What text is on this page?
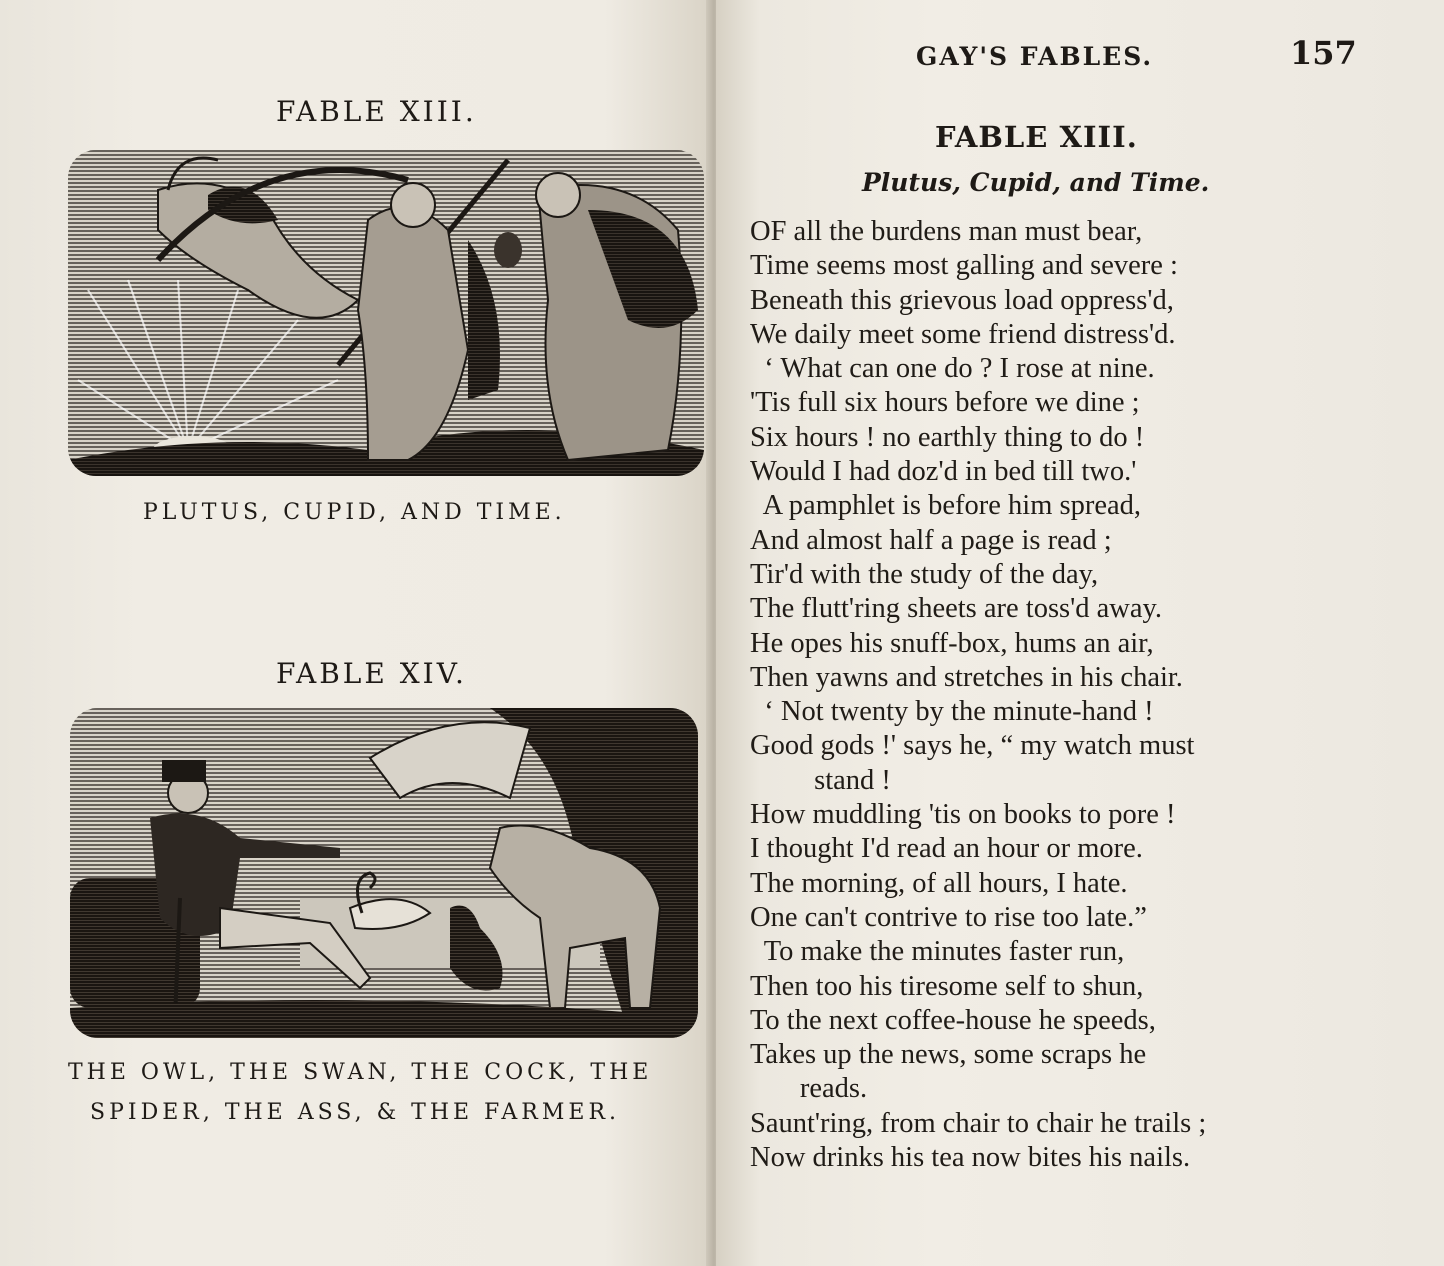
FABLE XIII.
PLUTUS, CUPID, AND TIME.
FABLE XIV.
THE OWL, THE SWAN, THE COCK, THE
SPIDER, THE ASS, & THE FARMER.
GAY'S FABLES.	157
FABLE XIII.
Plutus, Cupid, and Time.
OF all the burdens man must bear,
Time seems most galling and severe :
Beneath this grievous load oppress'd,
We daily meet some friend distress'd.
‘ What can one do ? I rose at nine.
'Tis full six hours before we dine ;
Six hours ! no earthly thing to do !
Would I had doz'd in bed till two.'
A pamphlet is before him spread,
And almost half a page is read ;
Tir'd with the study of the day,
The flutt'ring sheets are toss'd away.
He opes his snuff-box, hums an air,
Then yawns and stretches in his chair.
‘ Not twenty by the minute-hand !
Good gods !' says he, “ my watch must
stand !
How muddling 'tis on books to pore !
I thought I'd read an hour or more.
The morning, of all hours, I hate.
One can't contrive to rise too late.”
To make the minutes faster run,
Then too his tiresome self to shun,
To the next coffee-house he speeds,
Takes up the news, some scraps he
reads.
Saunt'ring, from chair to chair he trails ;
Now drinks his tea now bites his nails.
